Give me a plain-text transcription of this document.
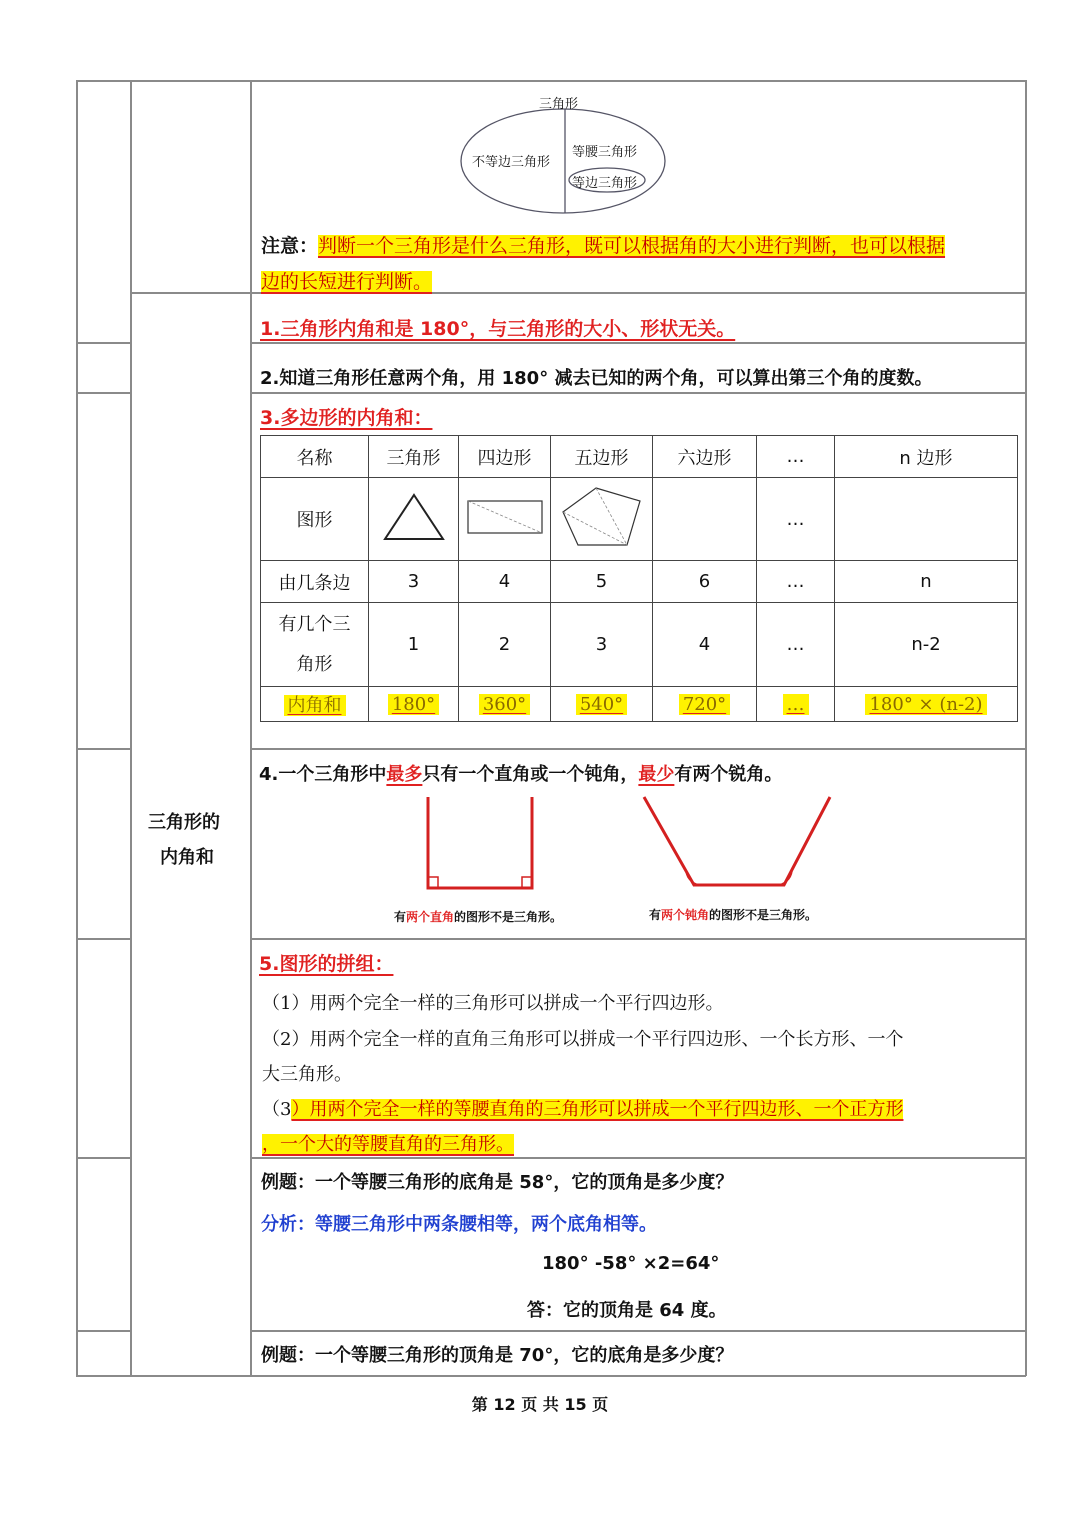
三角形
不等边三角形
等腰三角形
等边三角形
注意：判断一个三角形是什么三角形，既可以根据角的大小进行判断，也可以根据
边的长短进行判断。
三角形的
内角和
1.三角形内角和是 180°，与三角形的大小、形状无关。
2.知道三角形任意两个角，用 180° 减去已知的两个角，可以算出第三个角的度数。
3.多边形的内角和：
名称	三角形	四边形	五边形	六边形	…	n 边形
图形					…	
由几条边	3	4	5	6	…	n
有几个三
角形	1	2	3	4	…	n-2
内角和	180°	360°	540°	720°	…	180° × (n-2)
4.一个三角形中最多只有一个直角或一个钝角，最少有两个锐角。
有两个直角的图形不是三角形。	有两个钝角的图形不是三角形。
5.图形的拼组：
（1）用两个完全一样的三角形可以拼成一个平行四边形。
（2）用两个完全一样的直角三角形可以拼成一个平行四边形、一个长方形、一个
大三角形。
（3）用两个完全一样的等腰直角的三角形可以拼成一个平行四边形、一个正方形
，一个大的等腰直角的三角形。
例题：一个等腰三角形的底角是 58°，它的顶角是多少度？
分析：等腰三角形中两条腰相等，两个底角相等。
180° -58° ×2=64°
答：它的顶角是 64 度。
例题：一个等腰三角形的顶角是 70°，它的底角是多少度？
第 12 页 共 15 页
